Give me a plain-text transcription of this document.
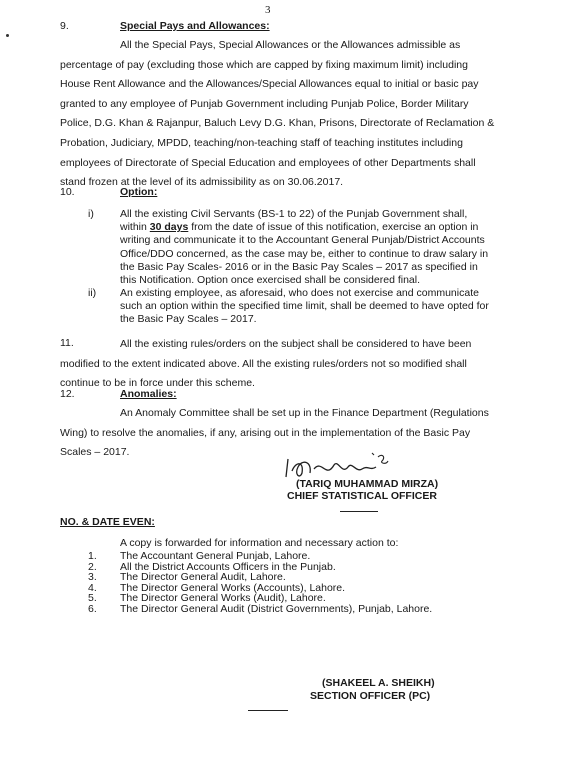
3
9.	Special Pays and Allowances:
All the Special Pays, Special Allowances or the Allowances admissible as
percentage of pay (excluding those which are capped by fixing maximum limit) including
House Rent Allowance and the Allowances/Special Allowances equal to initial or basic pay
granted to any employee of Punjab Government including Punjab Police, Border Military
Police, D.G. Khan & Rajanpur, Baluch Levy D.G. Khan, Prisons, Directorate of Reclamation &
Probation, Judiciary, MPDD, teaching/non-teaching staff of teaching institutes including
employees of Directorate of Special Education and employees of other Departments shall
stand frozen at the level of its admissibility as on 30.06.2017.
10.	Option:
i) All the existing Civil Servants (BS-1 to 22) of the Punjab Government shall,
within 30 days from the date of issue of this notification, exercise an option in
writing and communicate it to the Accountant General Punjab/District Accounts
Office/DDO concerned, as the case may be, either to continue to draw salary in
the Basic Pay Scales- 2016 or in the Basic Pay Scales – 2017 as specified in
this Notification. Option once exercised shall be considered final.
ii) An existing employee, as aforesaid, who does not exercise and communicate
such an option within the specified time limit, shall be deemed to have opted for
the Basic Pay Scales – 2017.
11.	All the existing rules/orders on the subject shall be considered to have been
modified to the extent indicated above. All the existing rules/orders not so modified shall
continue to be in force under this scheme.
12.	Anomalies:
An Anomaly Committee shall be set up in the Finance Department (Regulations
Wing) to resolve the anomalies, if any, arising out in the implementation of the Basic Pay
Scales – 2017.
(TARIQ MUHAMMAD MIRZA)
CHIEF STATISTICAL OFFICER
NO. & DATE EVEN:
A copy is forwarded for information and necessary action to:
1.	The Accountant General Punjab, Lahore.
2.	All the District Accounts Officers in the Punjab.
3.	The Director General Audit, Lahore.
4.	The Director General Works (Accounts), Lahore.
5.	The Director General Works (Audit), Lahore.
6.	The Director General Audit (District Governments), Punjab, Lahore.
(SHAKEEL A. SHEIKH)
SECTION OFFICER (PC)
